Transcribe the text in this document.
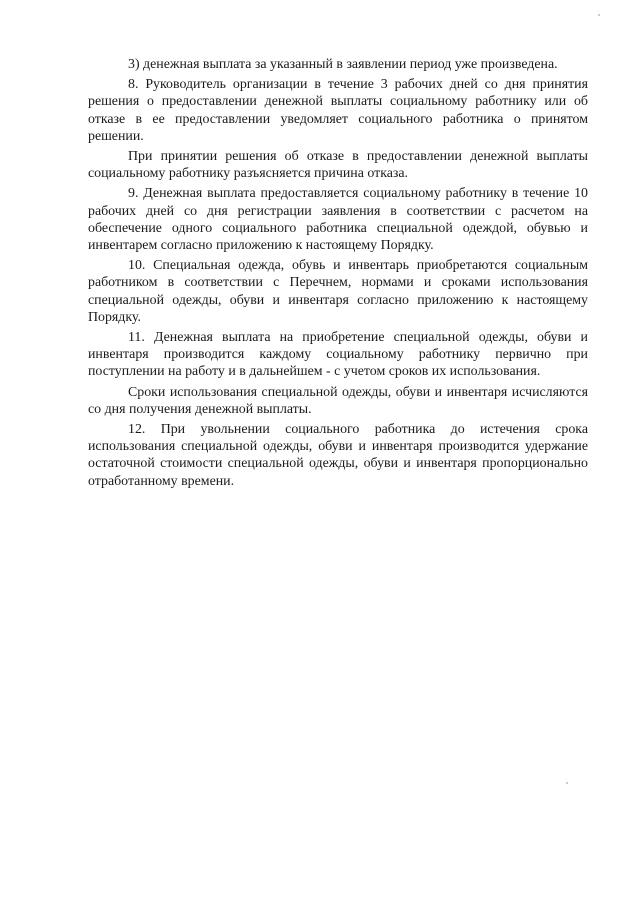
3) денежная выплата за указанный в заявлении период уже произведена.

8. Руководитель организации в течение 3 рабочих дней со дня принятия решения о предоставлении денежной выплаты социальному работнику или об отказе в ее предоставлении уведомляет социального работника о принятом решении.

При принятии решения об отказе в предоставлении денежной выплаты социальному работнику разъясняется причина отказа.

9. Денежная выплата предоставляется социальному работнику в течение 10 рабочих дней со дня регистрации заявления в соответствии с расчетом на обеспечение одного социального работника специальной одеждой, обувью и инвентарем согласно приложению к настоящему Порядку.

10. Специальная одежда, обувь и инвентарь приобретаются социальным работником в соответствии с Перечнем, нормами и сроками использования специальной одежды, обуви и инвентаря согласно приложению к настоящему Порядку.

11. Денежная выплата на приобретение специальной одежды, обуви и инвентаря производится каждому социальному работнику первично при поступлении на работу и в дальнейшем - с учетом сроков их использования.

Сроки использования специальной одежды, обуви и инвентаря исчисляются со дня получения денежной выплаты.

12. При увольнении социального работника до истечения срока использования специальной одежды, обуви и инвентаря производится удержание остаточной стоимости специальной одежды, обуви и инвентаря пропорционально отработанному времени.
